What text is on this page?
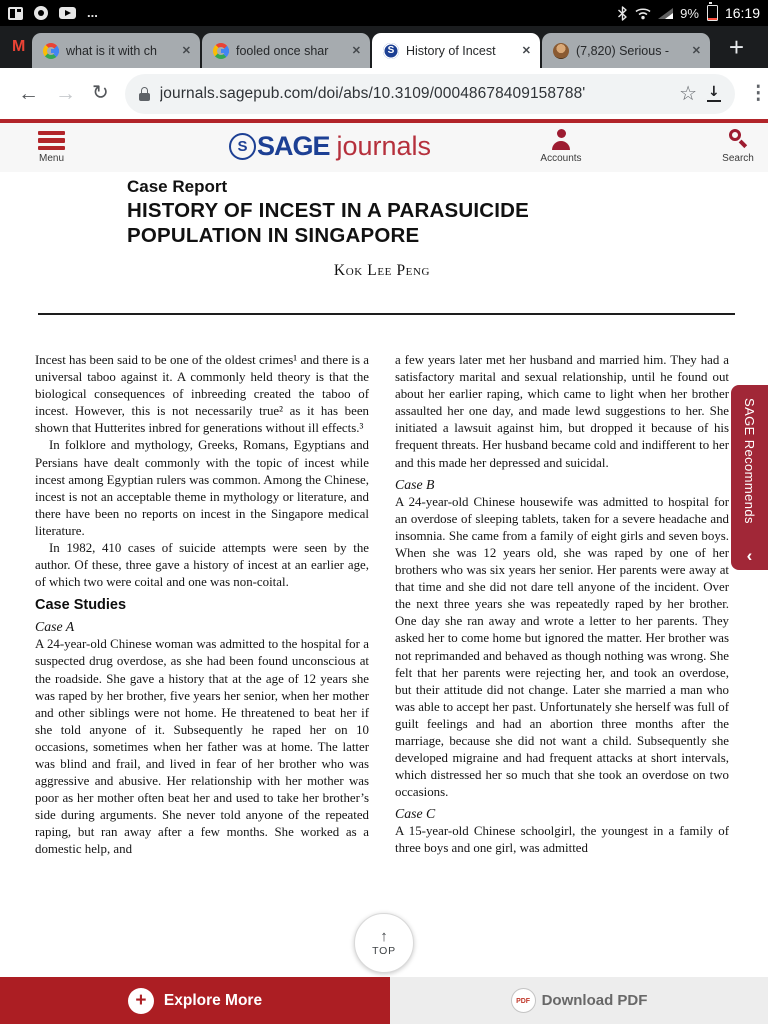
...	9% 16:19
M	what is it with ch	✕	fooled once shar	✕	S History of Incest	✕	(7,820) Serious -	✕ +
← → ↻	journals.sagepub.com/doi/abs/10.3109/00048678409158788'	☆ ↓ ⋮
Menu
S SAGE journals	Accounts	Search
Case Report
HISTORY OF INCEST IN A PARASUICIDE
POPULATION IN SINGAPORE
Kok Lee Peng

Incest has been said to be one of the oldest crimes¹ and there is a universal taboo against it. A commonly held theory is that the biological consequences of inbreeding created the taboo of incest. However, this is not necessarily true² as it has been shown that Hutterites inbred for generations without ill effects.³

In folklore and mythology, Greeks, Romans, Egyptians and Persians have dealt commonly with the topic of incest while incest among Egyptian rulers was common. Among the Chinese, incest is not an acceptable theme in mythology or literature, and there have been no reports on incest in the Singapore medical literature.

In 1982, 410 cases of suicide attempts were seen by the author. Of these, three gave a history of incest at an earlier age, of which two were coital and one was non-coital.

Case Studies
Case A

A 24-year-old Chinese woman was admitted to the hospital for a suspected drug overdose, as she had been found unconscious at the roadside. She gave a history that at the age of 12 years she was raped by her brother, five years her senior, when her mother and other siblings were not home. He threatened to beat her if she told anyone of it. Subsequently he raped her on 10 occasions, sometimes when her father was at home. The latter was blind and frail, and lived in fear of her brother who was aggressive and abusive. Her relationship with her mother was poor as her mother often beat her and used to take her brother’s side during arguments. She never told anyone of the repeated raping, but ran away after a few months. She worked as a domestic help, and

a few years later met her husband and married him. They had a satisfactory marital and sexual relationship, until he found out about her earlier raping, which came to light when her brother assaulted her one day, and made lewd suggestions to her. She initiated a lawsuit against him, but dropped it because of his frequent threats. Her husband became cold and indifferent to her and this made her depressed and suicidal.

Case B

A 24-year-old Chinese housewife was admitted to hospital for an overdose of sleeping tablets, taken for a severe headache and insomnia. She came from a family of eight girls and seven boys. When she was 12 years old, she was raped by one of her brothers who was six years her senior. Her parents were away at that time and she did not dare tell anyone of the incident. Over the next three years she was repeatedly raped by her brother. One day she ran away and wrote a letter to her parents. They asked her to come home but ignored the matter. Her brother was not reprimanded and behaved as though nothing was wrong. She felt that her parents were rejecting her, and took an overdose, but their attitude did not change. Later she married a man who was able to accept her past. Unfortunately she herself was full of guilt feelings and had an abortion three months after the marriage, because she did not want a child. Subsequently she developed migraine and had frequent attacks at short intervals, which distressed her so much that she took an overdose on two occasions.

Case C

A 15-year-old Chinese schoolgirl, the youngest in a family of three boys and one girl, was admitted

SAGE Recommends
‹
↑
TOP
+	Explore More	PDF Download PDF
